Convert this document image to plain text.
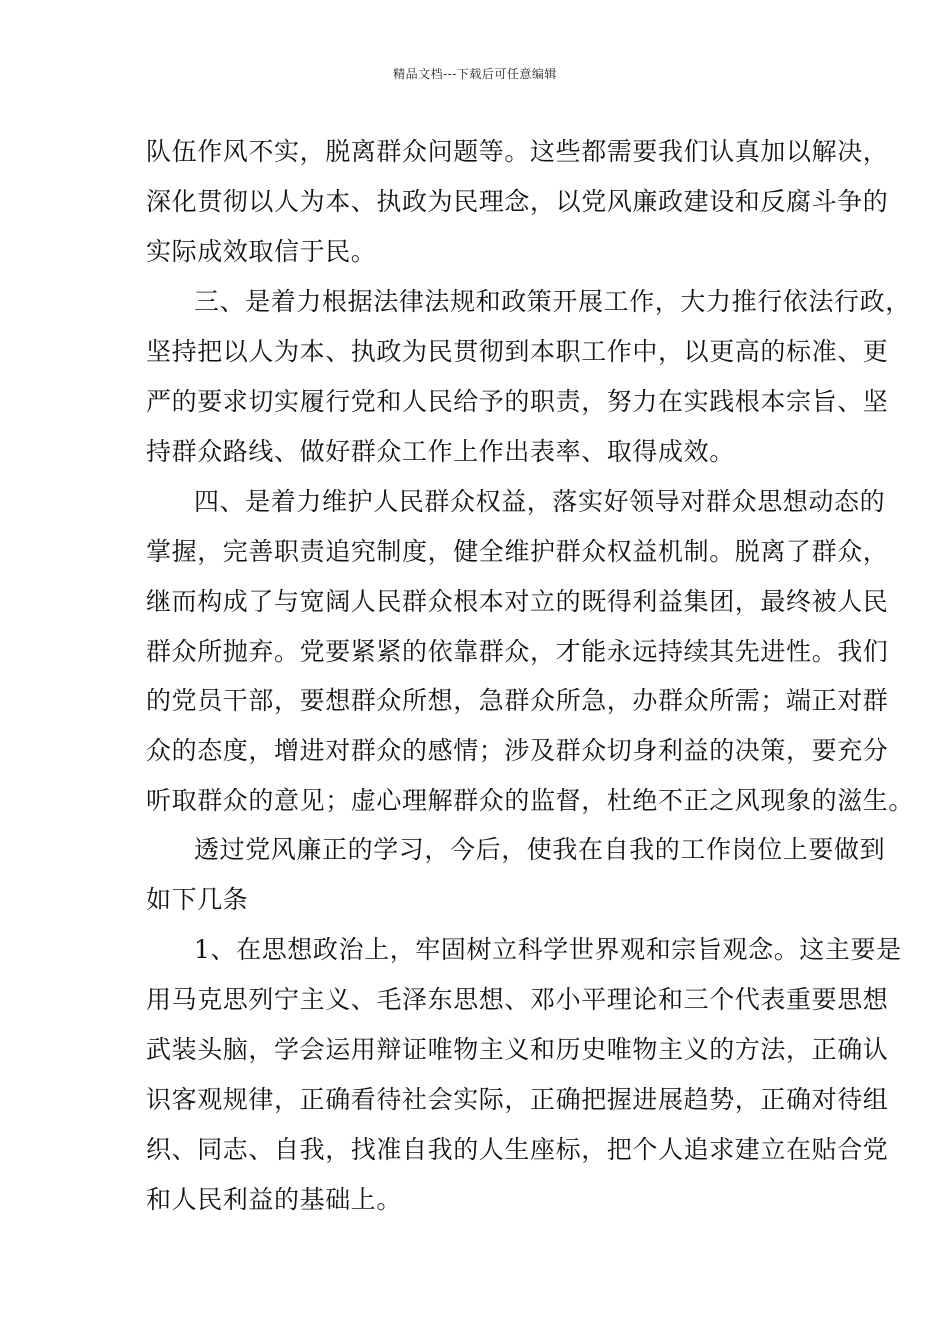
精品文档---下载后可任意编辑
队伍作风不实，脱离群众问题等。这些都需要我们认真加以解决，
深化贯彻以人为本、执政为民理念，以党风廉政建设和反腐斗争的
实际成效取信于民。
三、是着力根据法律法规和政策开展工作，大力推行依法行政，
坚持把以人为本、执政为民贯彻到本职工作中，以更高的标准、更
严的要求切实履行党和人民给予的职责，努力在实践根本宗旨、坚
持群众路线、做好群众工作上作出表率、取得成效。
四、是着力维护人民群众权益，落实好领导对群众思想动态的
掌握，完善职责追究制度，健全维护群众权益机制。脱离了群众，
继而构成了与宽阔人民群众根本对立的既得利益集团，最终被人民
群众所抛弃。党要紧紧的依靠群众，才能永远持续其先进性。我们
的党员干部，要想群众所想，急群众所急，办群众所需；端正对群
众的态度，增进对群众的感情；涉及群众切身利益的决策，要充分
听取群众的意见；虚心理解群众的监督，杜绝不正之风现象的滋生。
透过党风廉正的学习，今后，使我在自我的工作岗位上要做到
如下几条
1、在思想政治上，牢固树立科学世界观和宗旨观念。这主要是
用马克思列宁主义、毛泽东思想、邓小平理论和三个代表重要思想
武装头脑，学会运用辩证唯物主义和历史唯物主义的方法，正确认
识客观规律，正确看待社会实际，正确把握进展趋势，正确对待组
织、同志、自我，找准自我的人生座标，把个人追求建立在贴合党
和人民利益的基础上。
